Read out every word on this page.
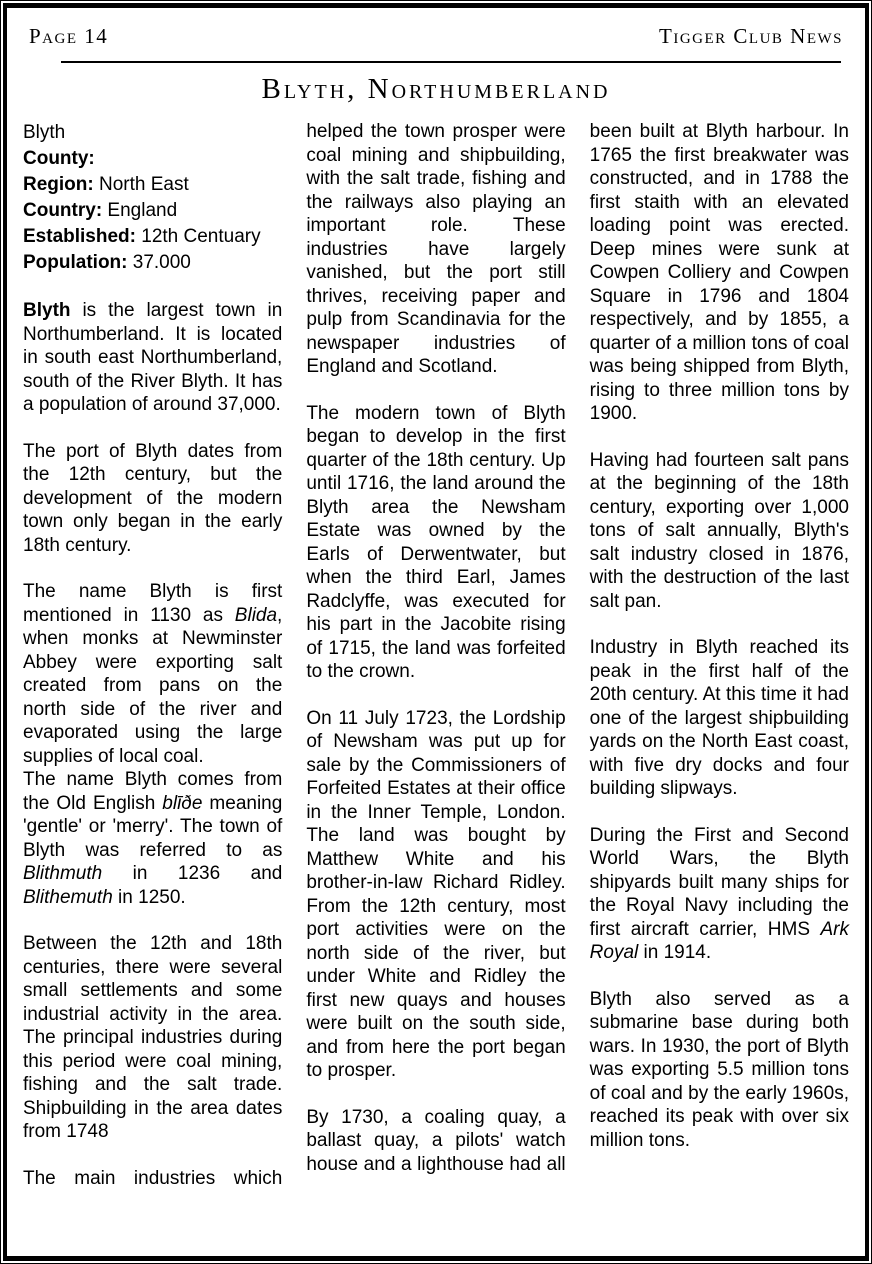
Page 14	Tigger Club News
Blyth, Northumberland

Blyth

County:

Region: North East

Country: England

Established: 12th Centuary

Population: 37.000

Blyth is the largest town in Northumberland. It is located in south east Northumberland, south of the River Blyth. It has a population of around 37,000.

The port of Blyth dates from the 12th century, but the development of the modern town only began in the early 18th century.

The name Blyth is first mentioned in 1130 as Blida, when monks at Newminster Abbey were exporting salt created from pans on the north side of the river and evaporated using the large supplies of local coal.

The name Blyth comes from the Old English blīðe meaning 'gentle' or 'merry'. The town of Blyth was referred to as Blithmuth in 1236 and Blithemuth in 1250.

Between the 12th and 18th centuries, there were several small settlements and some industrial activity in the area. The principal industries during this period were coal mining, fishing and the salt trade. Shipbuilding in the area dates from 1748

The main industries which

helped the town prosper were coal mining and shipbuilding, with the salt trade, fishing and the railways also playing an important role. These industries have largely vanished, but the port still thrives, receiving paper and pulp from Scandinavia for the newspaper industries of England and Scotland.

The modern town of Blyth began to develop in the first quarter of the 18th century. Up until 1716, the land around the Blyth area the Newsham Estate was owned by the Earls of Derwentwater, but when the third Earl, James Radclyffe, was executed for his part in the Jacobite rising of 1715, the land was forfeited to the crown.

On 11 July 1723, the Lordship of Newsham was put up for sale by the Commissioners of Forfeited Estates at their office in the Inner Temple, London. The land was bought by Matthew White and his brother-in-law Richard Ridley. From the 12th century, most port activities were on the north side of the river, but under White and Ridley the first new quays and houses were built on the south side, and from here the port began to prosper.

By 1730, a coaling quay, a ballast quay, a pilots' watch house and a lighthouse had all

been built at Blyth harbour. In 1765 the first breakwater was constructed, and in 1788 the first staith with an elevated loading point was erected. Deep mines were sunk at Cowpen Colliery and Cowpen Square in 1796 and 1804 respectively, and by 1855, a quarter of a million tons of coal was being shipped from Blyth, rising to three million tons by 1900.

Having had fourteen salt pans at the beginning of the 18th century, exporting over 1,000 tons of salt annually, Blyth's salt industry closed in 1876, with the destruction of the last salt pan.

Industry in Blyth reached its peak in the first half of the 20th century. At this time it had one of the largest shipbuilding yards on the North East coast, with five dry docks and four building slipways.

During the First and Second World Wars, the Blyth shipyards built many ships for the Royal Navy including the first aircraft carrier, HMS Ark Royal in 1914.

Blyth also served as a submarine base during both wars. In 1930, the port of Blyth was exporting 5.5 million tons of coal and by the early 1960s, reached its peak with over six million tons.
